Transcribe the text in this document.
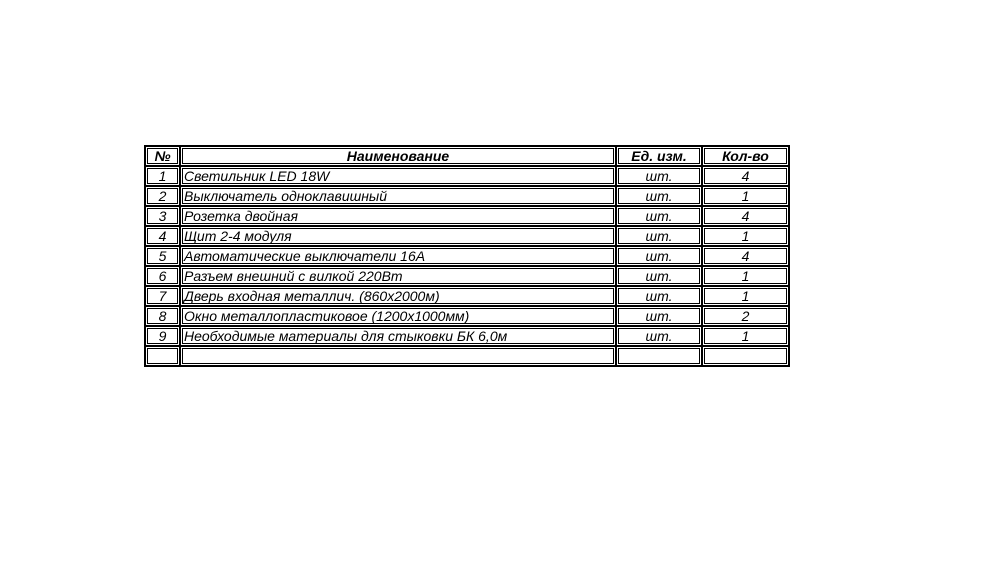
№	Наименование	Ед. изм.	Кол-во
1	Светильник LED 18W	шт.	4
2	Выключатель одноклавишный	шт.	1
3	Розетка двойная	шт.	4
4	Щит 2-4 модуля	шт.	1
5	Автоматические выключатели 16А	шт.	4
6	Разъем внешний с вилкой 220Вт	шт.	1
7	Дверь входная металлич. (860х2000м)	шт.	1
8	Окно металлопластиковое (1200х1000мм)	шт.	2
9	Необходимые материалы для стыковки БК 6,0м	шт.	1
